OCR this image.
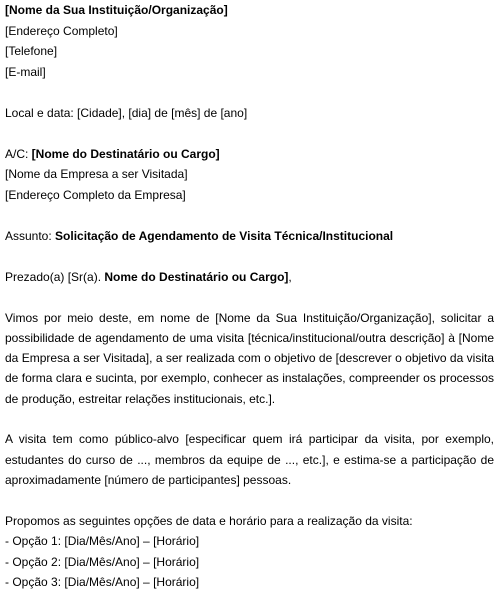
[Nome da Sua Instituição/Organização]
[Endereço Completo]
[Telefone]
[E-mail]
Local e data: [Cidade], [dia] de [mês] de [ano]
A/C: [Nome do Destinatário ou Cargo]
[Nome da Empresa a ser Visitada]
[Endereço Completo da Empresa]
Assunto: Solicitação de Agendamento de Visita Técnica/Institucional
Prezado(a) [Sr(a). Nome do Destinatário ou Cargo],

Vimos por meio deste, em nome de [Nome da Sua Instituição/Organização], solicitar a possibilidade de agendamento de uma visita [técnica/institucional/outra descrição] à [Nome da Empresa a ser Visitada], a ser realizada com o objetivo de [descrever o objetivo da visita de forma clara e sucinta, por exemplo, conhecer as instalações, compreender os processos de produção, estreitar relações institucionais, etc.].

A visita tem como público-alvo [especificar quem irá participar da visita, por exemplo, estudantes do curso de ..., membros da equipe de ..., etc.], e estima-se a participação de aproximadamente [número de participantes] pessoas.

Propomos as seguintes opções de data e horário para a realização da visita:
- Opção 1: [Dia/Mês/Ano] – [Horário]
- Opção 2: [Dia/Mês/Ano] – [Horário]
- Opção 3: [Dia/Mês/Ano] – [Horário]
